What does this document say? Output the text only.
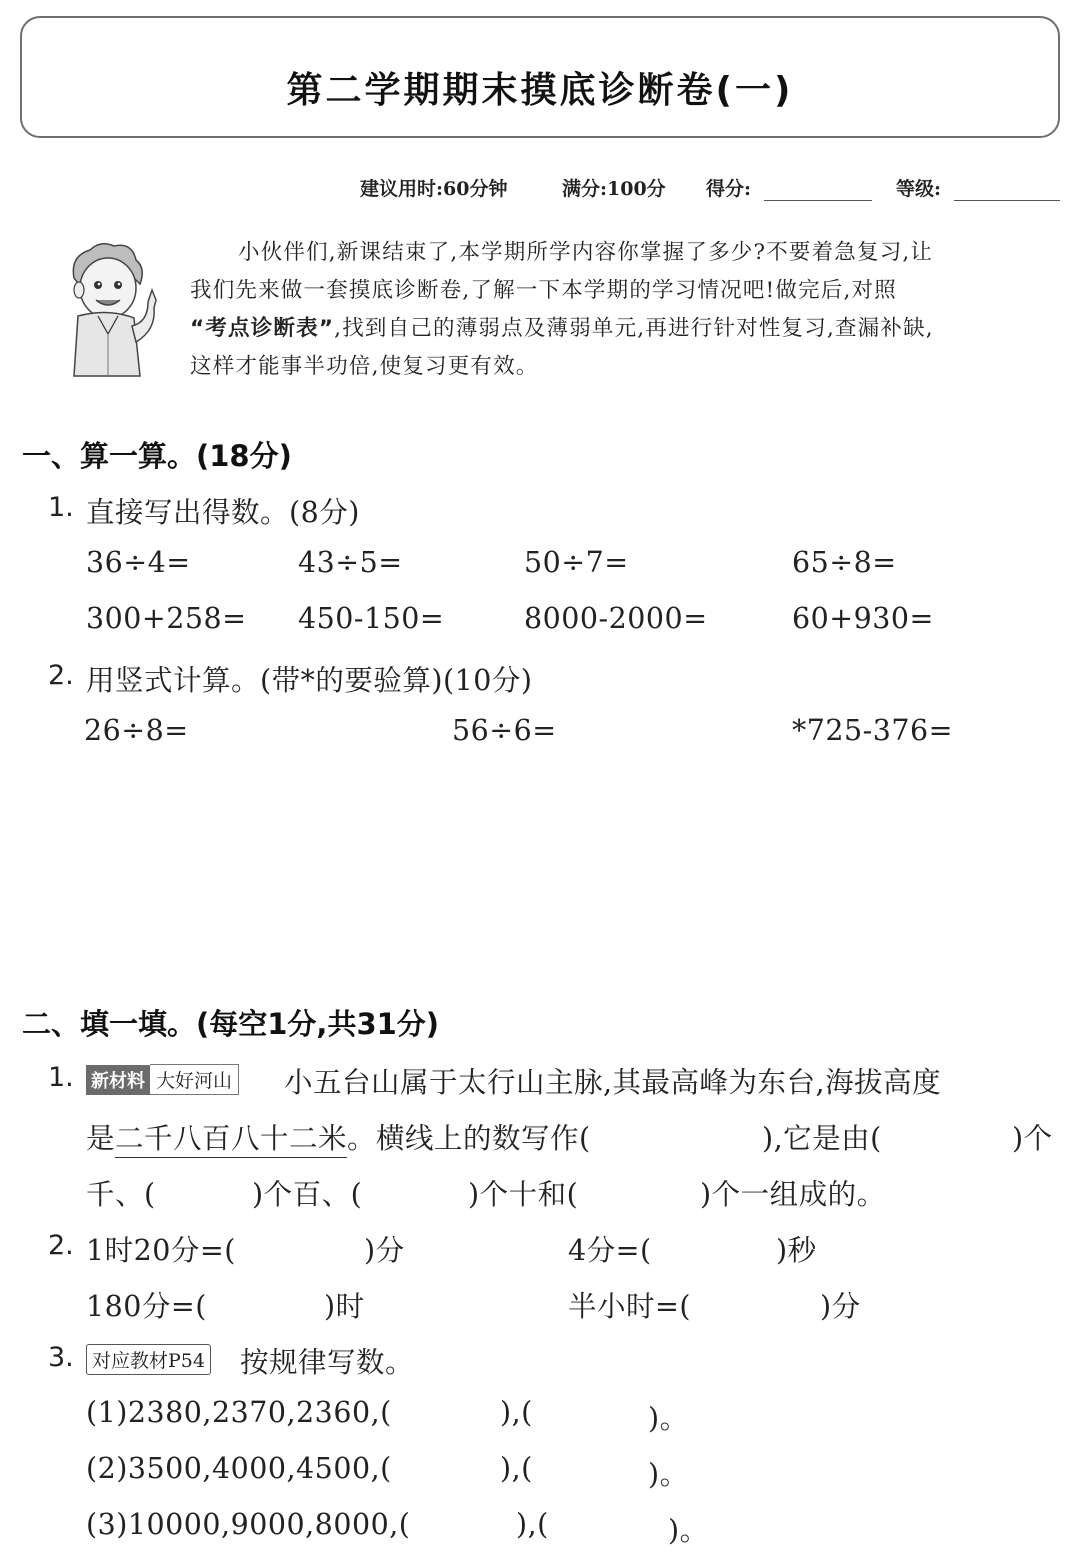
第二学期期末摸底诊断卷(一)
建议用时:60分钟	满分:100分 得分:	等级:

小伙伴们,新课结束了,本学期所学内容你掌握了多少?不要着急复习,让

我们先来做一套摸底诊断卷,了解一下本学期的学习情况吧!做完后,对照

“考点诊断表”,找到自己的薄弱点及薄弱单元,再进行针对性复习,查漏补缺,

这样才能事半功倍,使复习更有效。

一、算一算。(18分)
1. 直接写出得数。(8分)
36÷4=	43÷5=	50÷7=	65÷8=
300+258= 450-150=	8000-2000=	60+930=
2. 用竖式计算。(带*的要验算)(10分)
26÷8=	56÷6=	*725-376=
二、填一填。(每空1分,共31分)
1. 新材料 大好河山 小五台山属于太行山主脉,其最高峰为东台,海拔高度
是二千八百八十二米。横线上的数写作(	),它是由(	)个
千、(	)个百、(	)个十和(	)个一组成的。
2. 1时20分=(	)分	4分=(	)秒
180分=(	)时	半小时=(	)分
3. 对应教材P54 按规律写数。
(1)2380,2370,2360,(	),(	)。
(2)3500,4000,4500,(	),(	)。
(3)10000,9000,8000,(	),(	)。
